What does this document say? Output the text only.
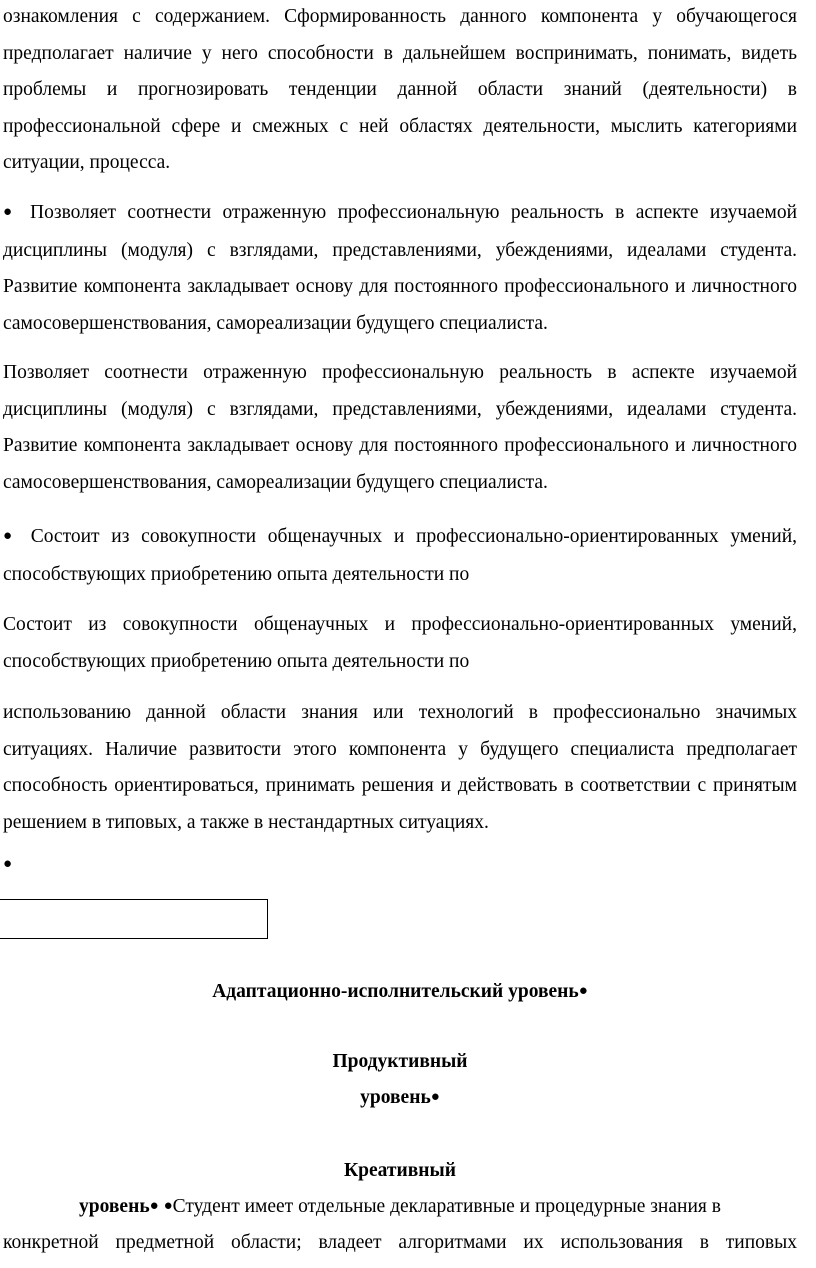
ознакомления с содержанием. Сформированность данного компонента у обучающегося предполагает наличие у него способности в дальнейшем воспринимать, понимать, видеть проблемы и прогнозировать тенденции данной области знаний (деятельности) в профессиональной сфере и смежных с ней областях деятельности, мыслить категориями ситуации, процесса.

● Позволяет соотнести отраженную профессиональную реальность в аспекте изучаемой дисциплины (модуля) с взглядами, представлениями, убеждениями, идеалами студента. Развитие компонента закладывает основу для постоянного профессионального и личностного самосовершенствования, самореализации будущего специалиста.

Позволяет соотнести отраженную профессиональную реальность в аспекте изучаемой дисциплины (модуля) с взглядами, представлениями, убеждениями, идеалами студента. Развитие компонента закладывает основу для постоянного профессионального и личностного самосовершенствования, самореализации будущего специалиста.

● Состоит из совокупности общенаучных и профессионально-ориентированных умений, способствующих приобретению опыта деятельности по

Состоит из совокупности общенаучных и профессионально-ориентированных умений, способствующих приобретению опыта деятельности по

использованию данной области знания или технологий в профессионально значимых ситуациях. Наличие развитости этого компонента у будущего специалиста предполагает способность ориентироваться, принимать решения и действовать в соответствии с принятым решением в типовых, а также в нестандартных ситуациях.

●

Адаптационно-исполнительский уровень●

Продуктивный

уровень●

Креативный

уровень● ●Студент имеет отдельные декларативные и процедурные знания в

конкретной предметной области; владеет алгоритмами их использования в типовых
